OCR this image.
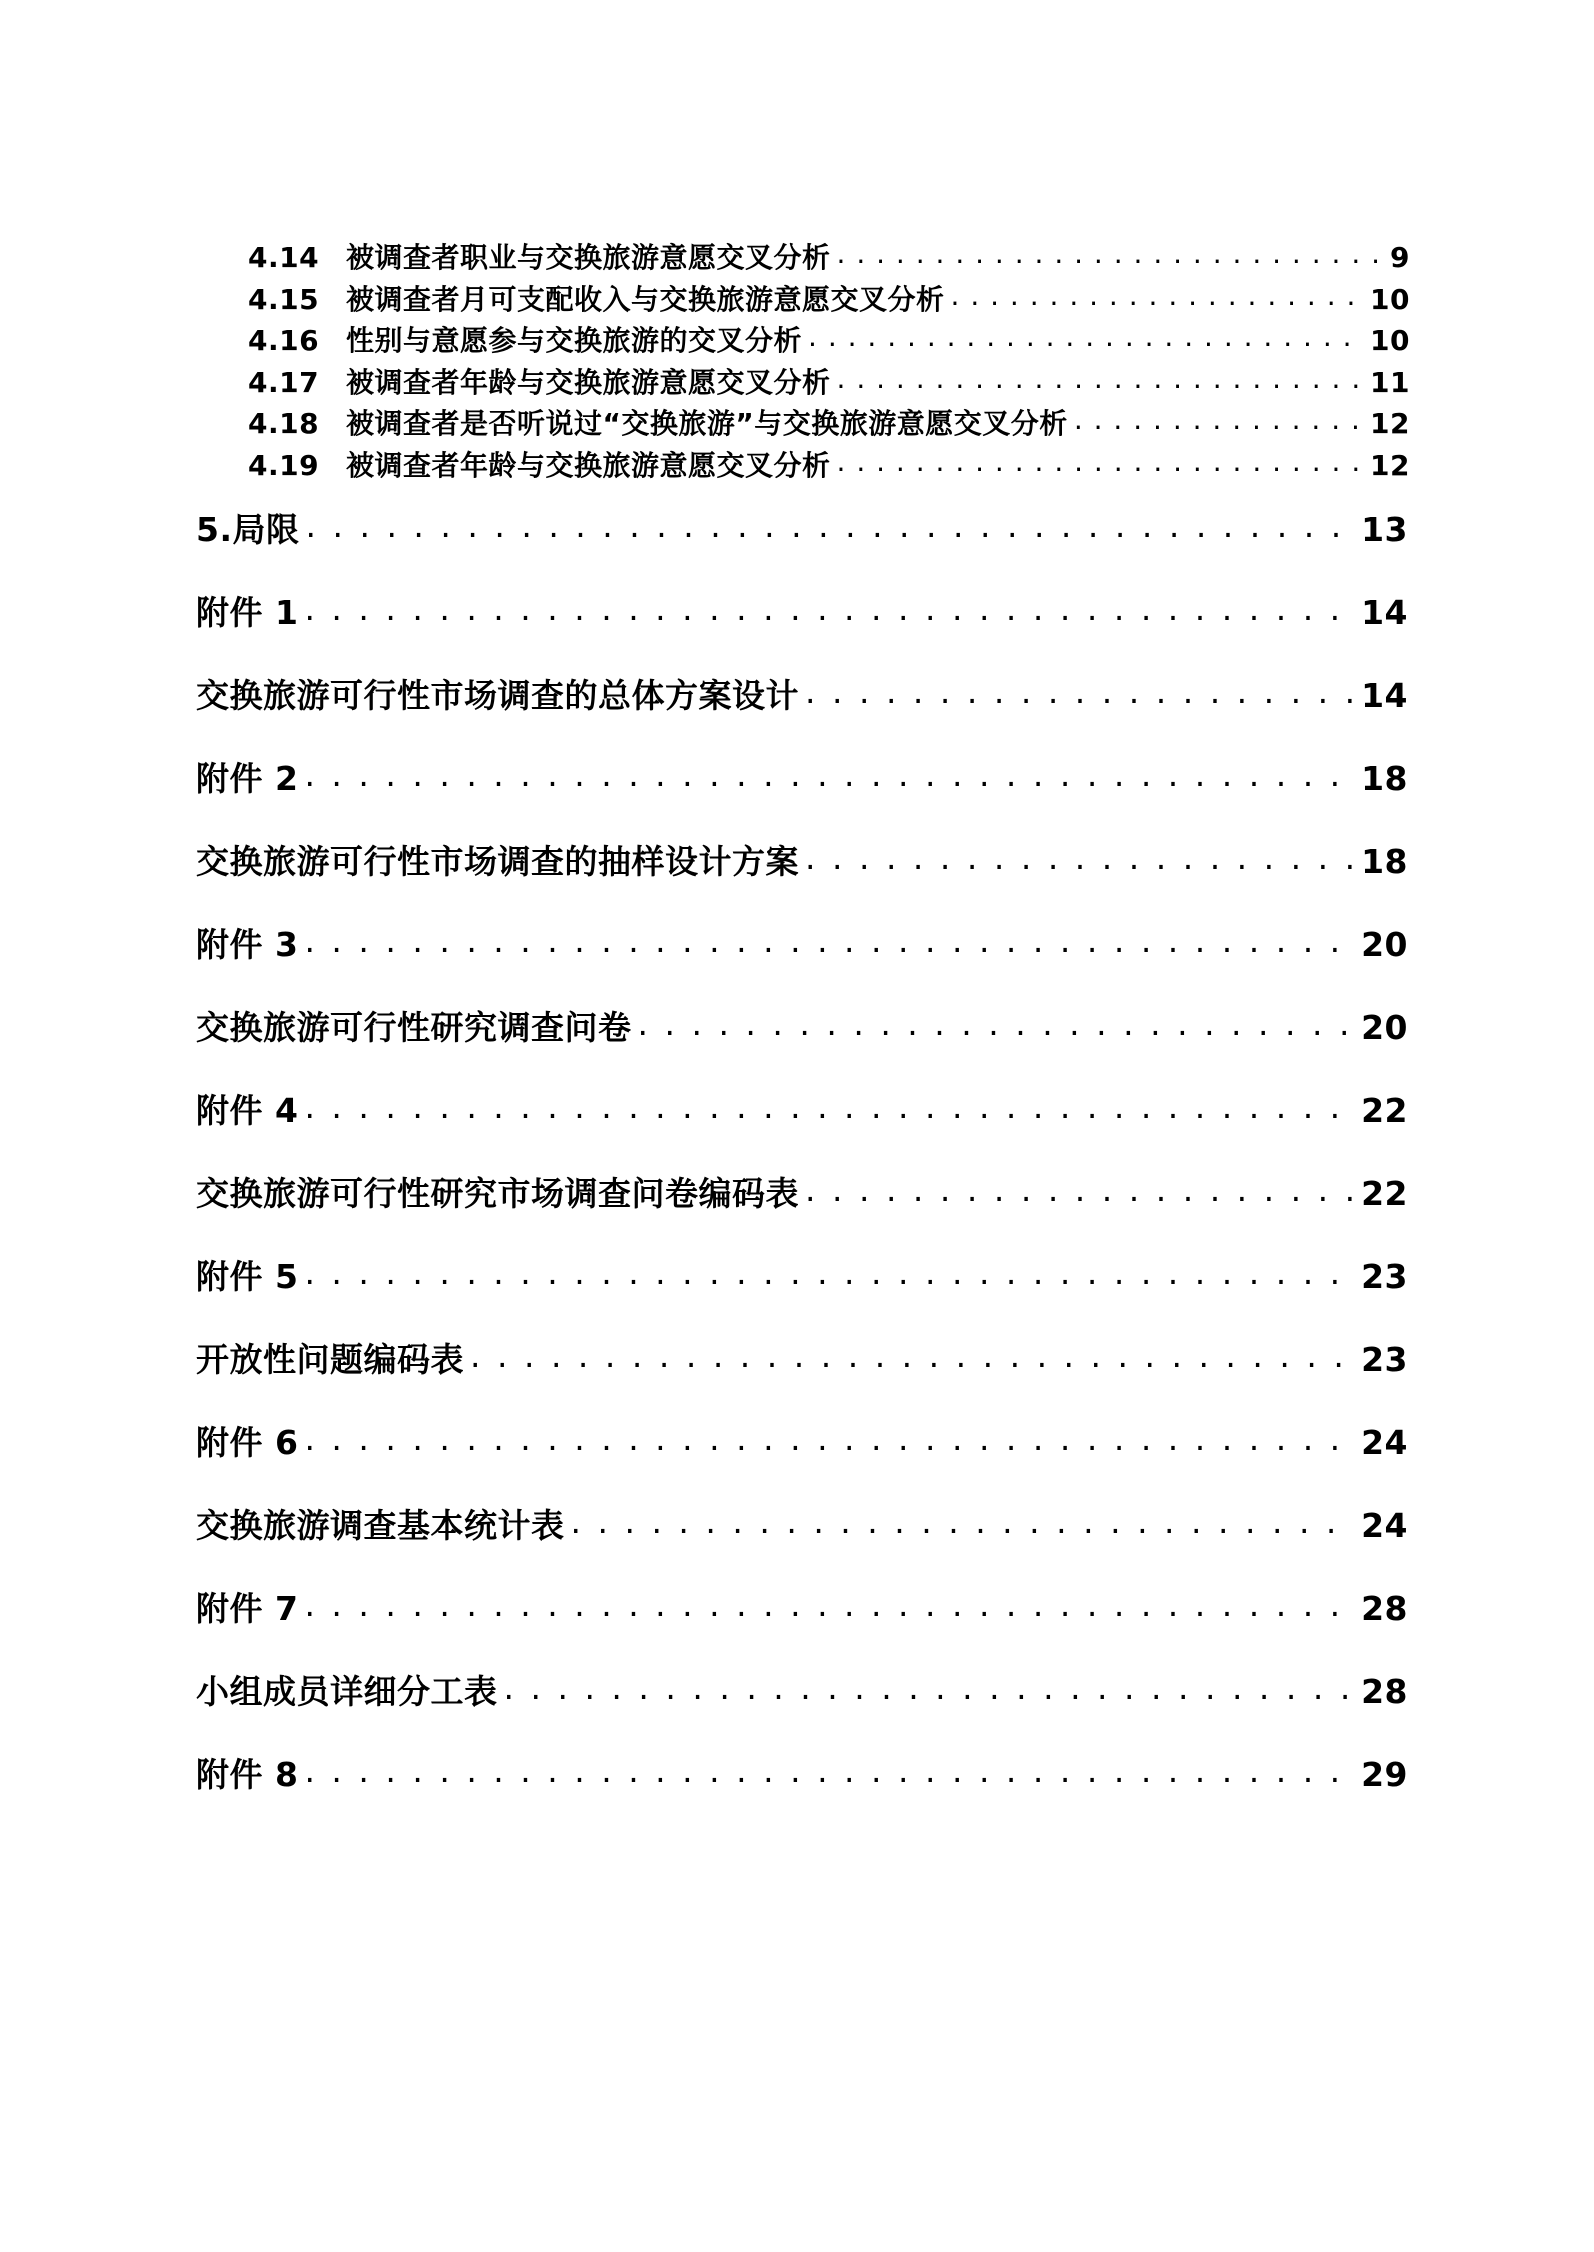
4.14 被调查者职业与交换旅游意愿交叉分析 . . .	9
4.15 被调查者月可支配收入与交换旅游意愿交叉分析 . . .	10
4.16 性别与意愿参与交换旅游的交叉分析 . . .	10
4.17 被调查者年龄与交换旅游意愿交叉分析 . . .	11
4.18 被调查者是否听说过“交换旅游”与交换旅游意愿交叉分析 . . .	12
4.19 被调查者年龄与交换旅游意愿交叉分析 . . .	12
5.局限 . . .	13
附件 1 . . .	14
交换旅游可行性市场调查的总体方案设计 . . .	14
附件 2 . . .	18
交换旅游可行性市场调查的抽样设计方案 . . .	18
附件 3 . . .	20
交换旅游可行性研究调查问卷 . . .	20
附件 4 . . .	22
交换旅游可行性研究市场调查问卷编码表 . . .	22
附件 5 . . .	23
开放性问题编码表 . . .	23
附件 6 . . .	24
交换旅游调查基本统计表 . . .	24
附件 7 . . .	28
小组成员详细分工表 . . .	28
附件 8 . . .	29
